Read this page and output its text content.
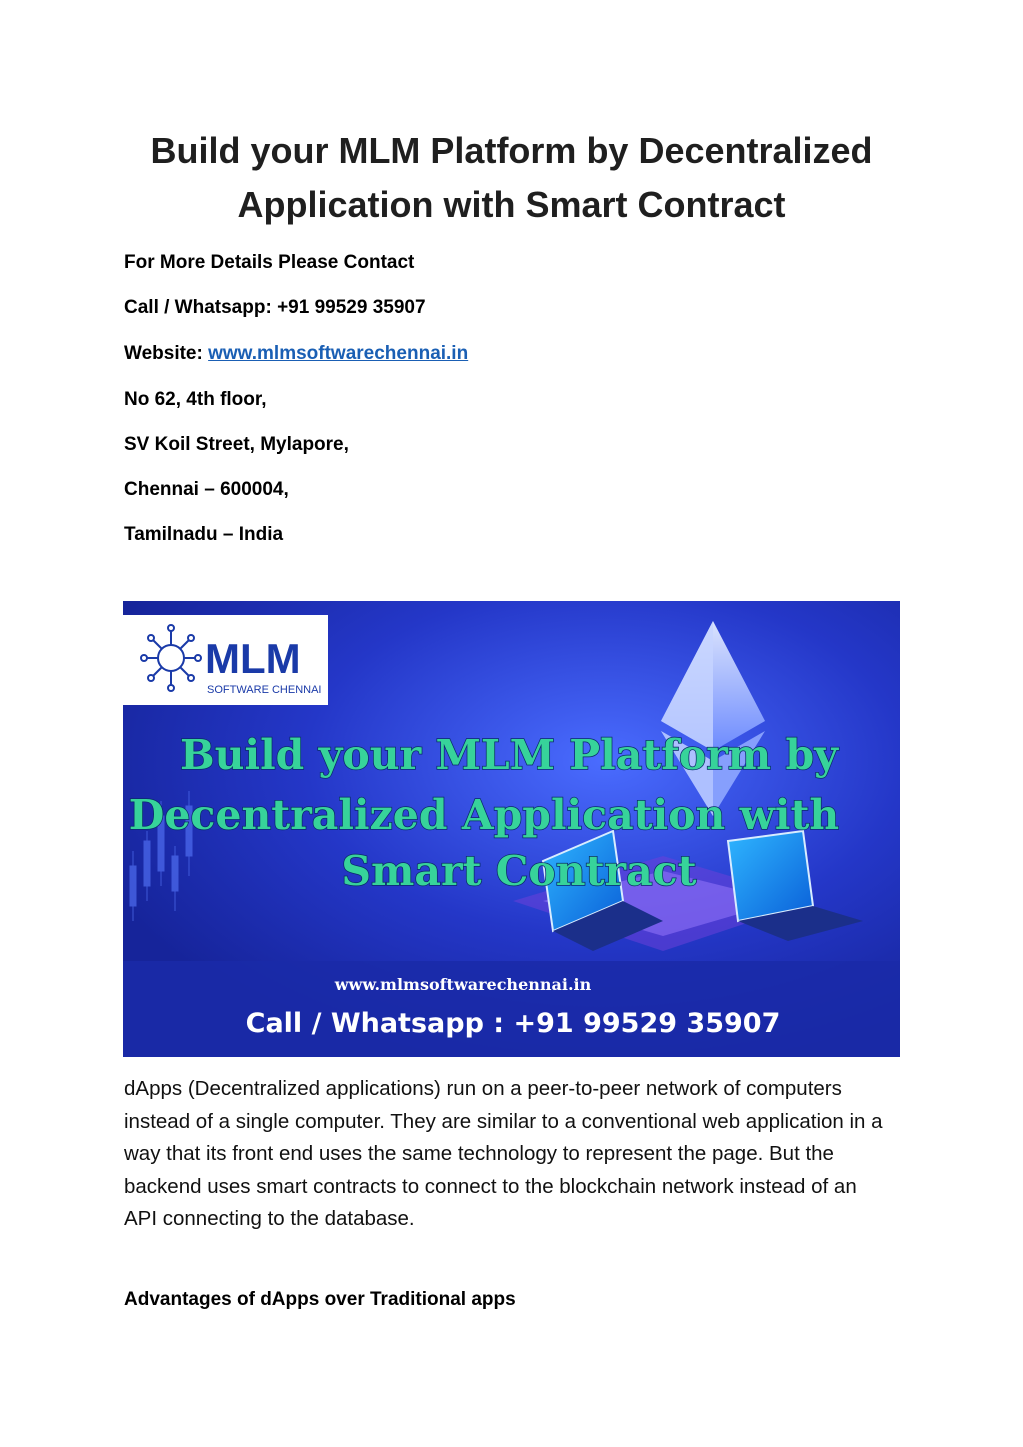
Build your MLM Platform by Decentralized
Application with Smart Contract
For More Details Please Contact
Call / Whatsapp: +91 99529 35907
Website: www.mlmsoftwarechennai.in
No 62, 4th floor,
SV Koil Street, Mylapore,
Chennai – 600004,
Tamilnadu – India
MLM
SOFTWARE CHENNAI
Build your MLM Platform by
Decentralized Application with
Smart Contract
www.mlmsoftwarechennai.in
Call / Whatsapp : +91 99529 35907

dApps (Decentralized applications) run on a peer-to-peer network of computers instead of a single computer. They are similar to a conventional web application in a way that its front end uses the same technology to represent the page. But the backend uses smart contracts to connect to the blockchain network instead of an API connecting to the database.

Advantages of dApps over Traditional apps
